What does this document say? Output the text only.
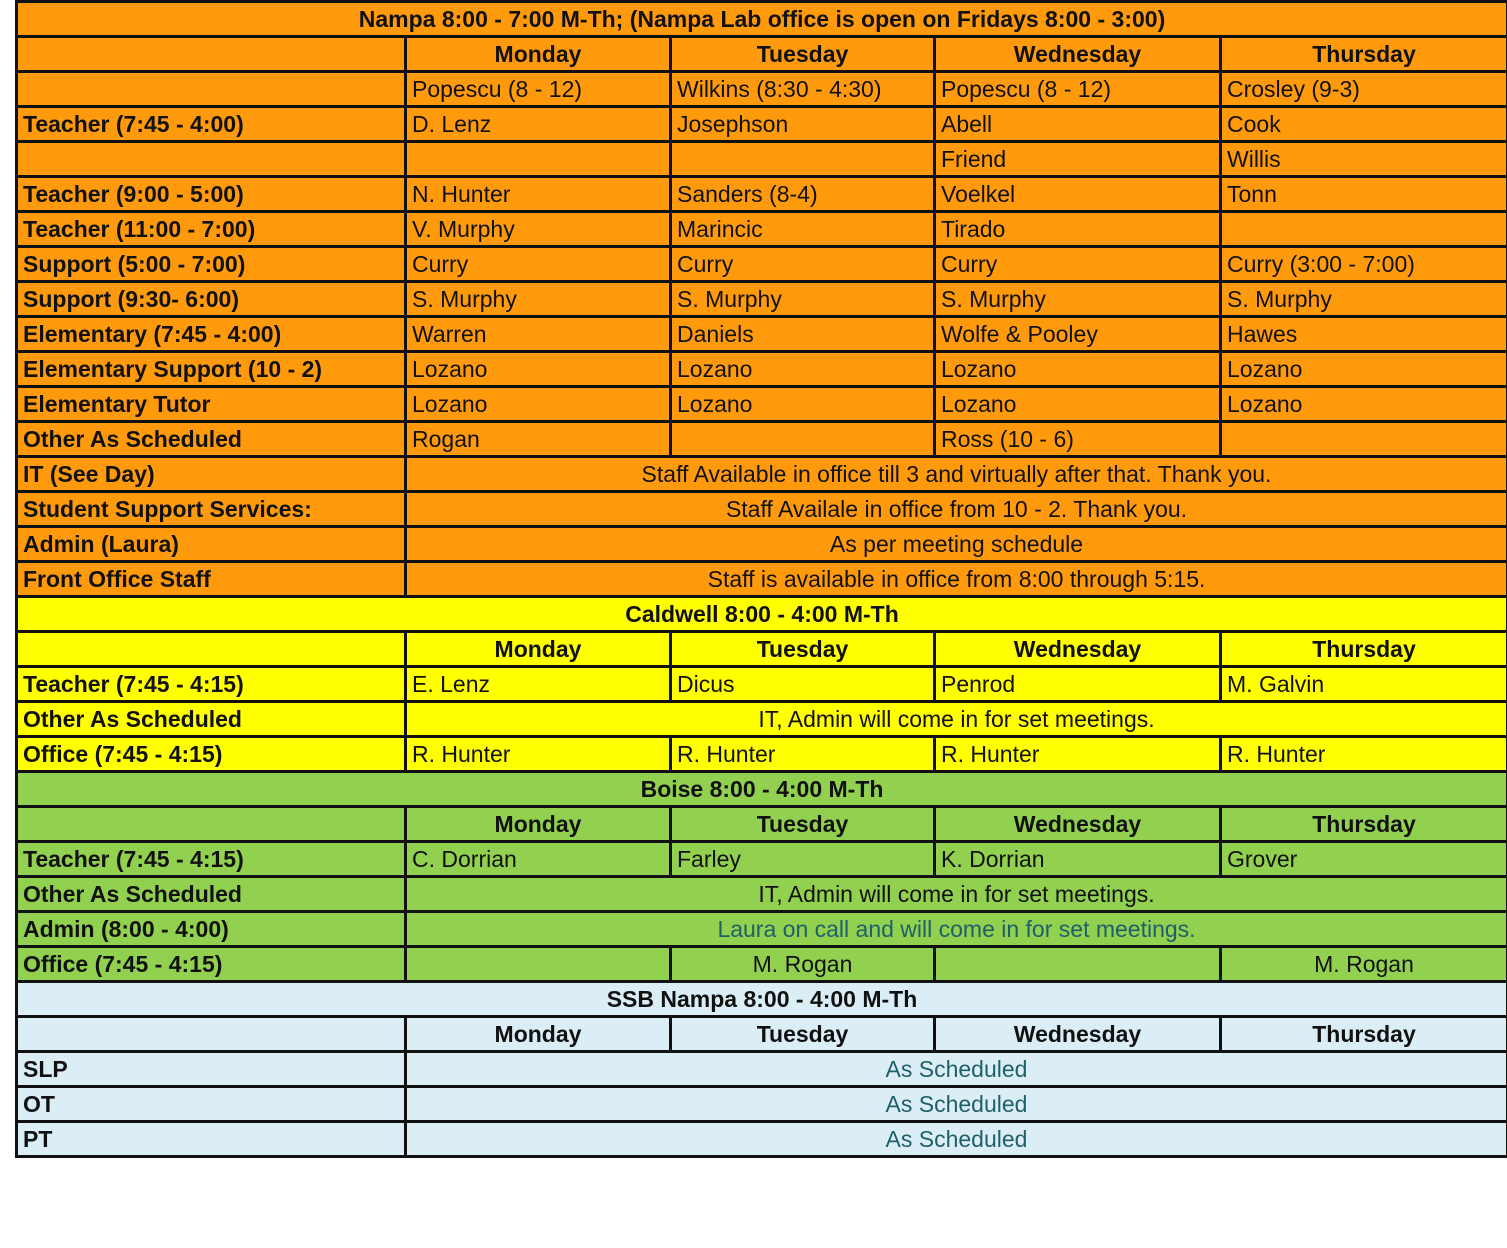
Nampa 8:00 - 7:00 M-Th; (Nampa Lab office is open on Fridays 8:00 - 3:00)				
	Monday	Tuesday	Wednesday	Thursday
	Popescu (8 - 12)	Wilkins (8:30 - 4:30)	Popescu (8 - 12)	Crosley (9-3)
Teacher (7:45 - 4:00)	D. Lenz	Josephson	Abell	Cook
			Friend	Willis
Teacher (9:00 - 5:00)	N. Hunter	Sanders (8-4)	Voelkel	Tonn
Teacher (11:00 - 7:00)	V. Murphy	Marincic	Tirado	
Support (5:00 - 7:00)	Curry	Curry	Curry	Curry (3:00 - 7:00)
Support (9:30- 6:00)	S. Murphy	S. Murphy	S. Murphy	S. Murphy
Elementary (7:45 - 4:00)	Warren	Daniels	Wolfe & Pooley	Hawes
Elementary Support (10 - 2)	Lozano	Lozano	Lozano	Lozano
Elementary Tutor	Lozano	Lozano	Lozano	Lozano
Other As Scheduled	Rogan		Ross (10 - 6)	
IT (See Day)	Staff Available in office till 3 and virtually after that. Thank you.			
Student Support Services:	Staff Availale in office from 10 - 2. Thank you.			
Admin (Laura)	As per meeting schedule			
Front Office Staff	Staff is available in office from 8:00 through 5:15.			
Caldwell 8:00 - 4:00 M-Th				
	Monday	Tuesday	Wednesday	Thursday
Teacher (7:45 - 4:15)	E. Lenz	Dicus	Penrod	M. Galvin
Other As Scheduled	IT, Admin will come in for set meetings.			
Office (7:45 - 4:15)	R. Hunter	R. Hunter	R. Hunter	R. Hunter
Boise 8:00 - 4:00 M-Th				
	Monday	Tuesday	Wednesday	Thursday
Teacher (7:45 - 4:15)	C. Dorrian	Farley	K. Dorrian	Grover
Other As Scheduled	IT, Admin will come in for set meetings.			
Admin (8:00 - 4:00)	Laura on call and will come in for set meetings.			
Office (7:45 - 4:15)		M. Rogan		M. Rogan
SSB Nampa 8:00 - 4:00 M-Th				
	Monday	Tuesday	Wednesday	Thursday
SLP	As Scheduled			
OT	As Scheduled			
PT	As Scheduled			
